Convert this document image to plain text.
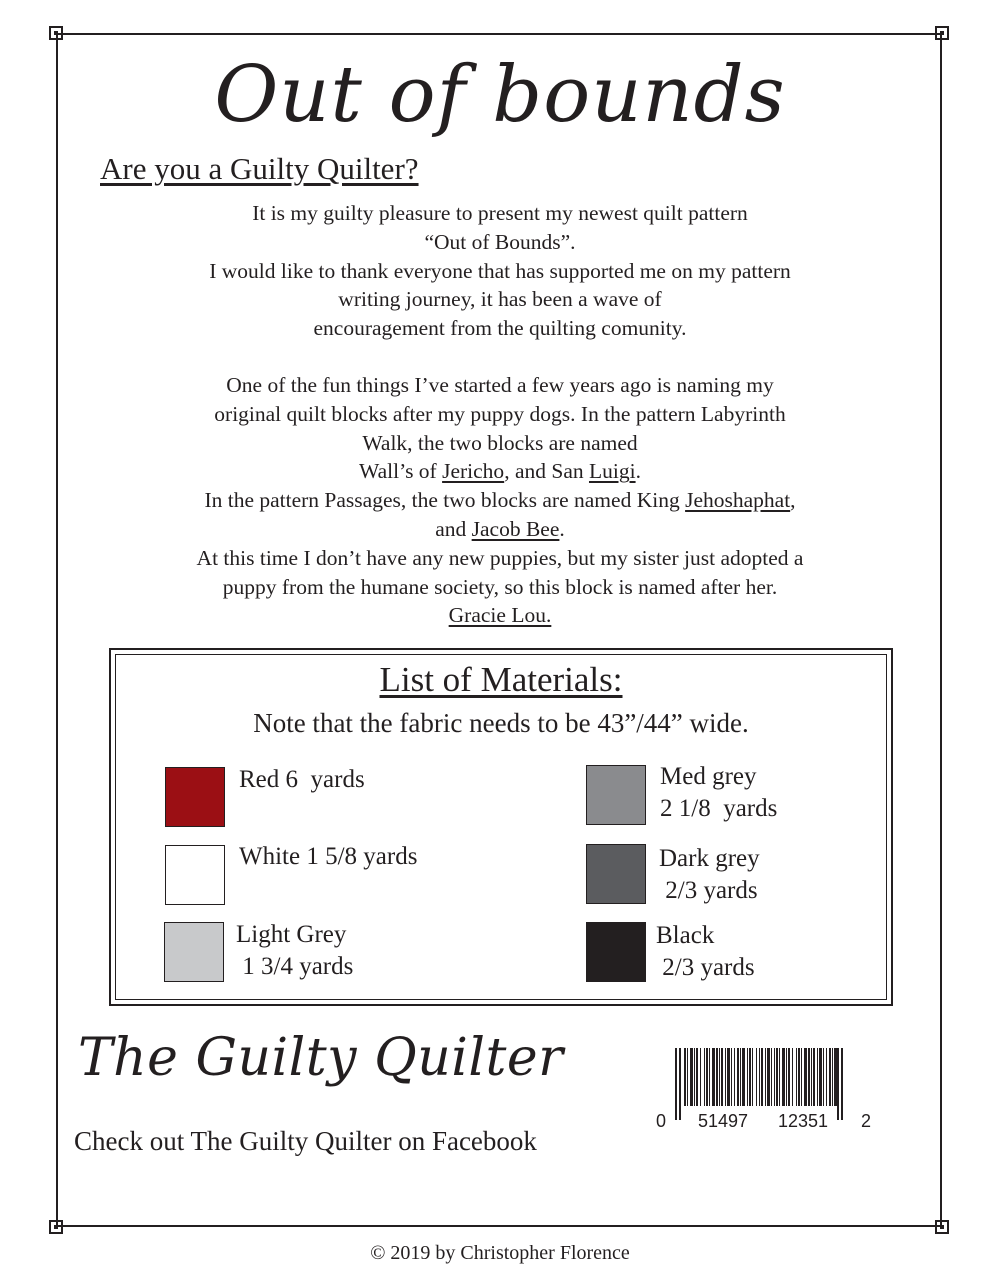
Out of bounds
Are you a Guilty Quilter?

It is my guilty pleasure to present my newest quilt pattern

“Out of Bounds”.

I would like to thank everyone that has supported me on my pattern

writing journey, it has been a wave of

encouragement from the quilting comunity.

One of the fun things I’ve started a few years ago is naming my

original quilt blocks after my puppy dogs. In the pattern Labyrinth

Walk, the two blocks are named

Wall’s of Jericho, and San Luigi.

In the pattern Passages, the two blocks are named King Jehoshaphat,

and Jacob Bee.

At this time I don’t have any new puppies, but my sister just adopted a

puppy from the humane society, so this block is named after her.

Gracie Lou.

List of Materials:
Note that the fabric needs to be 43”/44” wide.
Red 6  yards
White 1 5/8 yards
Light Grey
1 3/4 yards
Med grey
2 1/8  yards
Dark grey
2/3 yards
Black
2/3 yards
The Guilty Quilter
Check out The Guilty Quilter on Facebook
0 51497 12351 2
© 2019 by Christopher Florence
